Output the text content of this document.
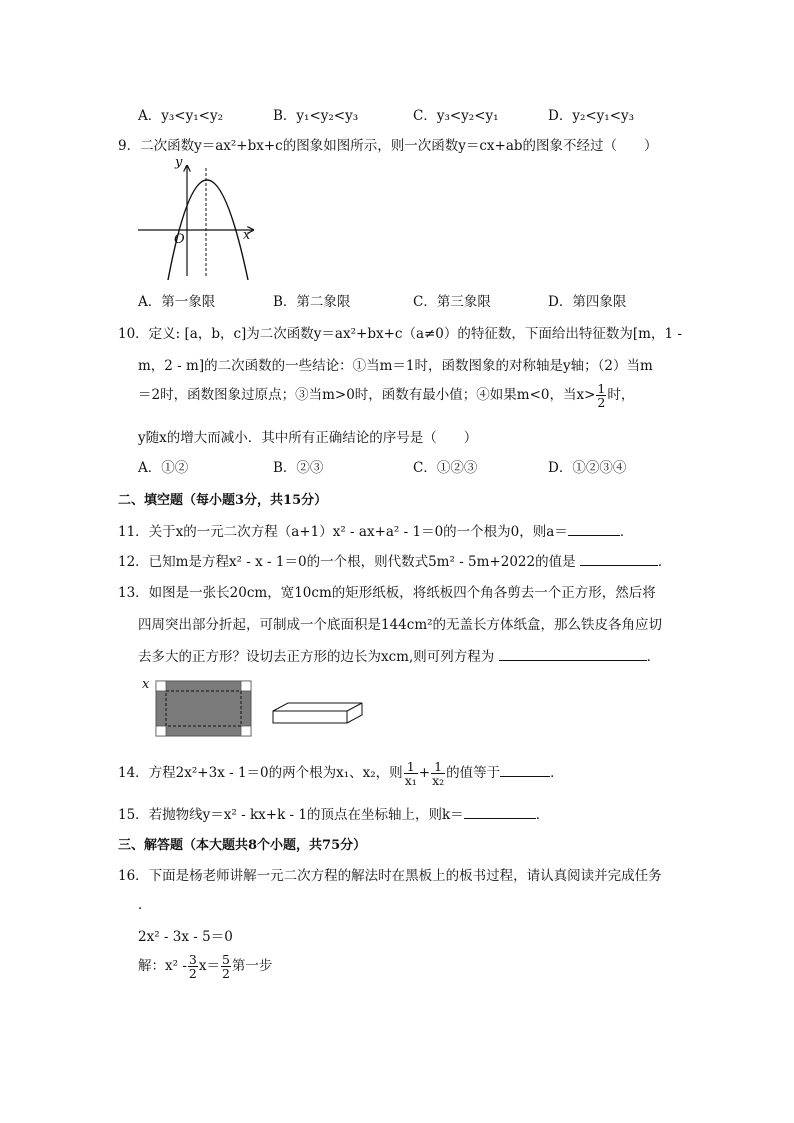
A．y₃<y₁<y₂	B．y₁<y₂<y₃	C．y₃<y₂<y₁	D．y₂<y₁<y₃
9．二次函数y＝ax²+bx+c的图象如图所示，则一次函数y＝cx+ab的图象不经过（　　）
y
x
O
A．第一象限	B．第二象限	C．第三象限	D．第四象限
10．定义: [a，b，c]为二次函数y＝ax²+bx+c（a≠0）的特征数，下面给出特征数为[m，1 -
m，2 - m]的二次函数的一些结论：①当m＝1时，函数图象的对称轴是y轴；（2）当m
＝2时，函数图象过原点；③当m>0时，函数有最小值；④如果m<0，当$x> \frac{1}{2}$ 时，
y随x的增大而减小．其中所有正确结论的序号是（　　）
A．①②	B．②③	C．①②③	D．①②③④
二、填空题（每小题3分，共15分）
11．关于x的一元二次方程（a+1）x² - ax+a² - 1＝0的一个根为0，则a＝	．
12．已知m是方程x² - x - 1＝0的一个根，则代数式5m² - 5m+2022的值是	．
13．如图是一张长20cm，宽10cm的矩形纸板，将纸板四个角各剪去一个正方形，然后将
四周突出部分折起，可制成一个底面积是144cm²的无盖长方体纸盒，那么铁皮各角应切
去多大的正方形？设切去正方形的边长为xcm,则可列方程为	．
x
14．方程2x²+3x - 1＝0的两个根为x₁、x₂，则 $\frac{1}{\text{x₁}} + \frac{1}{\text{x₂}}$ 的值等于	．
15．若抛物线y＝x² - kx+k - 1的顶点在坐标轴上，则k＝	．
三、解答题（本大题共8个小题，共75分）
16．下面是杨老师讲解一元二次方程的解法时在黑板上的板书过程，请认真阅读并完成任务
．
2x² - 3x - 5＝0
解：$x^2 - \frac{3}{2} x= \frac{5}{2}$ 第一步
